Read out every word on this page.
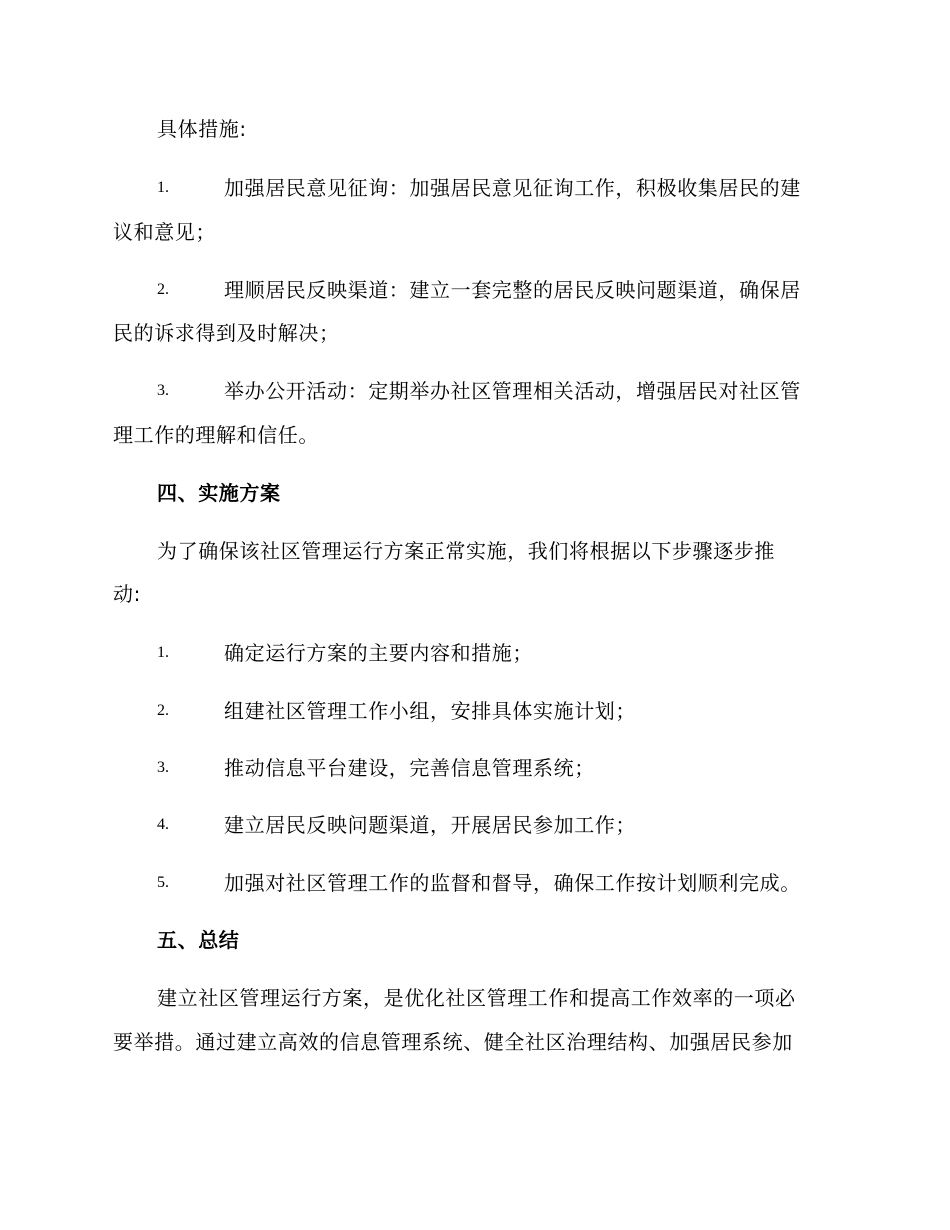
具体措施:
1.	加强居民意见征询：加强居民意见征询工作，积极收集居民的建
议和意见；
2.	理顺居民反映渠道：建立一套完整的居民反映问题渠道，确保居
民的诉求得到及时解决；
3.	举办公开活动：定期举办社区管理相关活动，增强居民对社区管
理工作的理解和信任。
四、实施方案
为了确保该社区管理运行方案正常实施，我们将根据以下步骤逐步推
动:
1.	确定运行方案的主要内容和措施；
2.	组建社区管理工作小组，安排具体实施计划；
3.	推动信息平台建设，完善信息管理系统；
4.	建立居民反映问题渠道，开展居民参加工作；
5.	加强对社区管理工作的监督和督导，确保工作按计划顺利完成。
五、总结
建立社区管理运行方案，是优化社区管理工作和提高工作效率的一项必
要举措。通过建立高效的信息管理系统、健全社区治理结构、加强居民参加
